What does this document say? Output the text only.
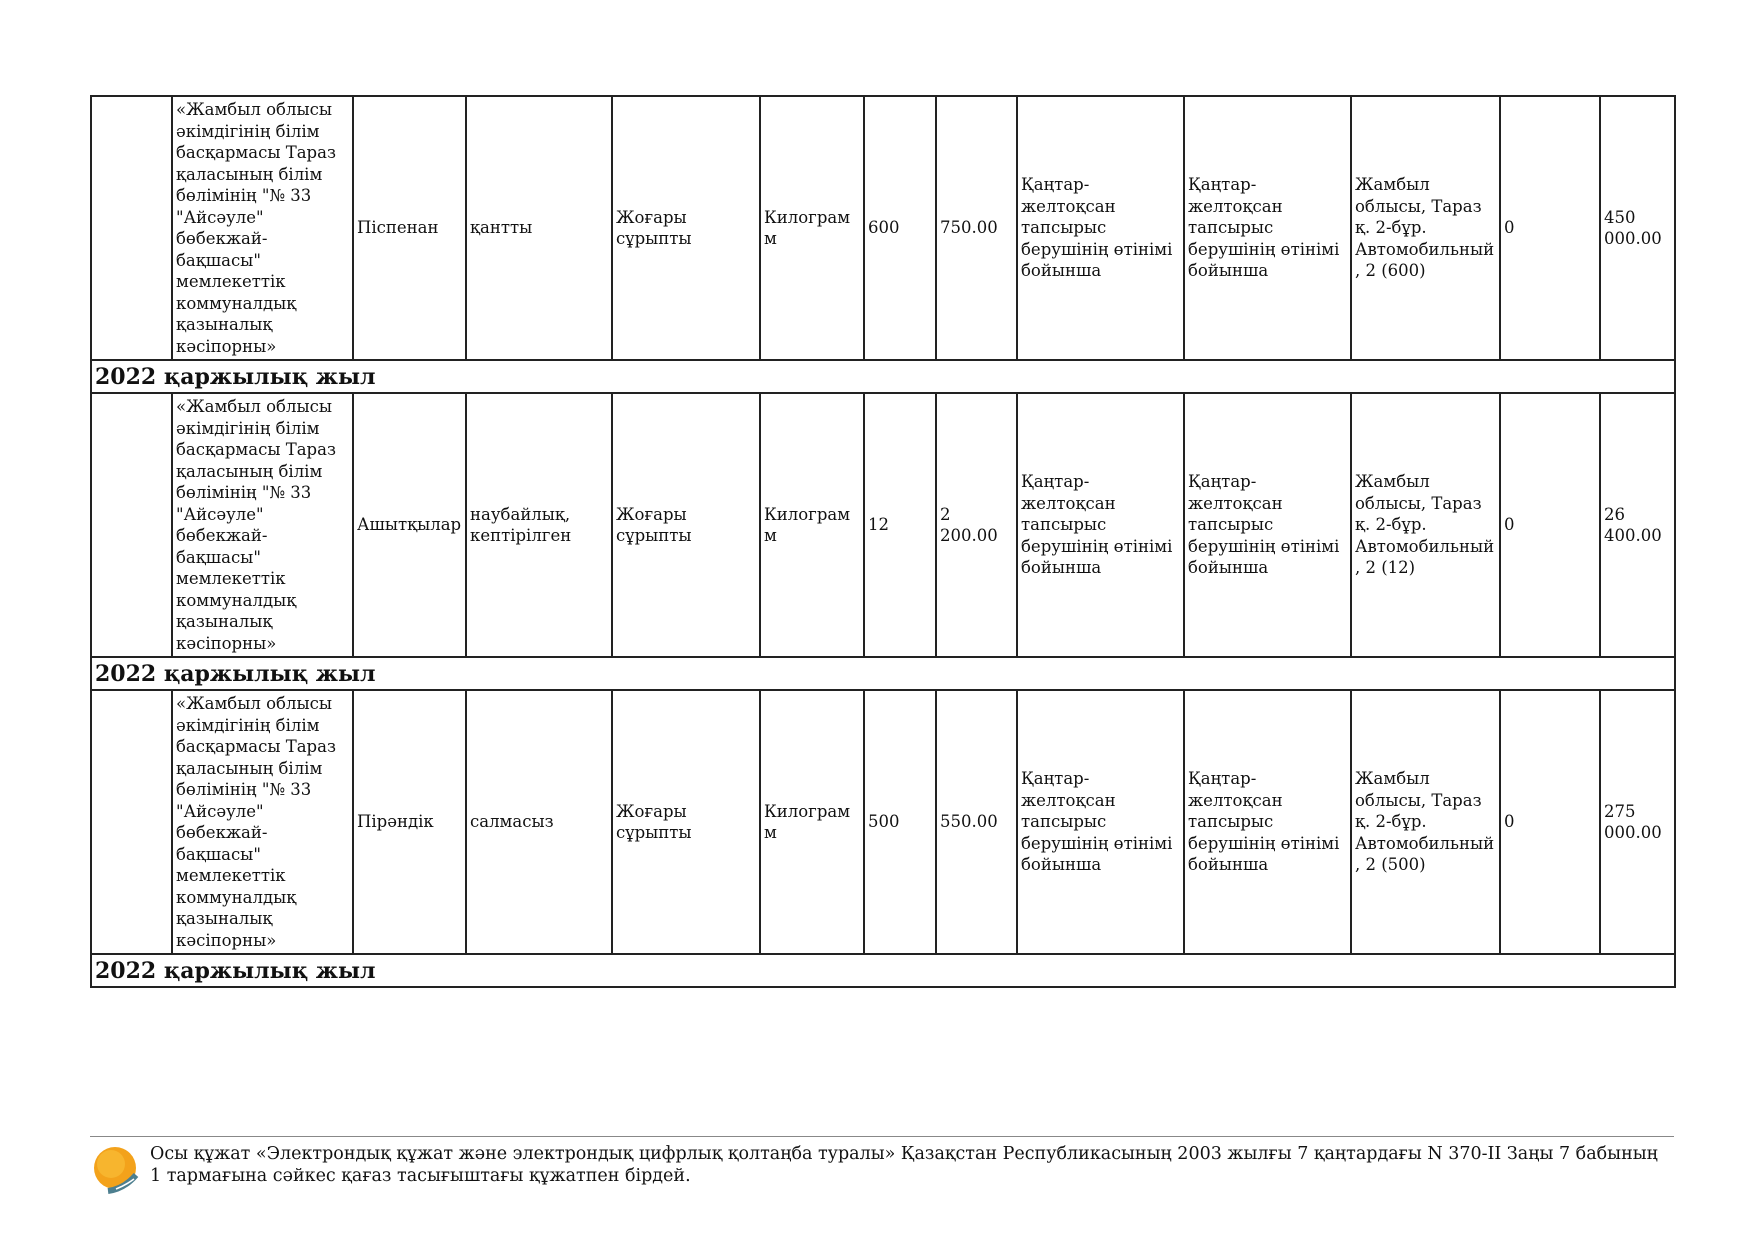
	«Жамбыл облысы әкімдігінің білім басқармасы Тараз қаласының білім бөлімінің "№ 33 "Айсәуле" бөбекжай-бақшасы" мемлекеттік коммуналдық қазыналық кәсіпорны»	Піспенан	қантты	Жоғары сұрыпты	Килограмм	600	750.00	Қаңтар-желтоқсан тапсырыс берушінің өтінімі бойынша	Қаңтар-желтоқсан тапсырыс берушінің өтінімі бойынша	Жамбыл облысы, Тараз қ. 2-бұр. Автомобильный, 2 (600)	0	450 000.00
2022 қаржылық жыл												
	«Жамбыл облысы әкімдігінің білім басқармасы Тараз қаласының білім бөлімінің "№ 33 "Айсәуле" бөбекжай-бақшасы" мемлекеттік коммуналдық қазыналық кәсіпорны»	Ашытқылар	наубайлық, кептірілген	Жоғары сұрыпты	Килограмм	12	2 200.00	Қаңтар-желтоқсан тапсырыс берушінің өтінімі бойынша	Қаңтар-желтоқсан тапсырыс берушінің өтінімі бойынша	Жамбыл облысы, Тараз қ. 2-бұр. Автомобильный, 2 (12)	0	26 400.00
2022 қаржылық жыл												
	«Жамбыл облысы әкімдігінің білім басқармасы Тараз қаласының білім бөлімінің "№ 33 "Айсәуле" бөбекжай-бақшасы" мемлекеттік коммуналдық қазыналық кәсіпорны»	Пірәндік	салмасыз	Жоғары сұрыпты	Килограмм	500	550.00	Қаңтар-желтоқсан тапсырыс берушінің өтінімі бойынша	Қаңтар-желтоқсан тапсырыс берушінің өтінімі бойынша	Жамбыл облысы, Тараз қ. 2-бұр. Автомобильный, 2 (500)	0	275 000.00
2022 қаржылық жыл												
Осы құжат «Электрондық құжат және электрондық цифрлық қолтаңба туралы» Қазақстан Республикасының 2003 жылғы 7 қаңтардағы N 370-II Заңы 7 бабының 1 тармағына сәйкес қағаз тасығыштағы құжатпен бірдей.
